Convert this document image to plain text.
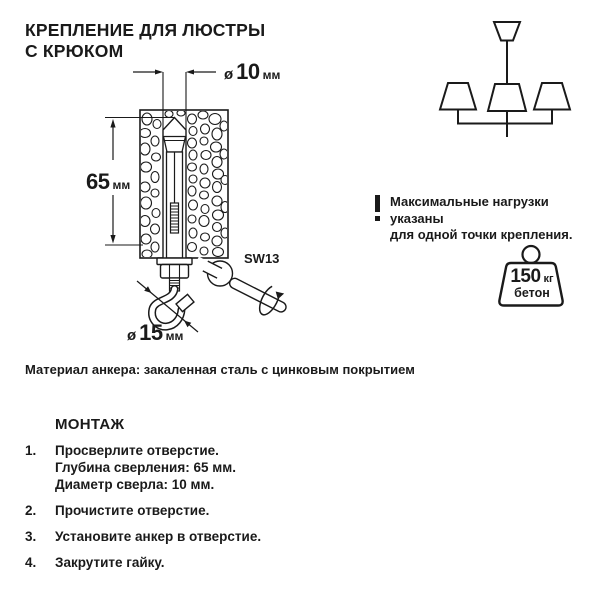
КРЕПЛЕНИЕ ДЛЯ ЛЮСТРЫ
С КРЮКОМ
ø 10 мм
65 мм
ø 15 мм
SW13
Максимальные нагрузки указаны
для одной точки крепления.
150 кг
бетон
Материал анкера: закаленная сталь с цинковым покрытием
МОНТАЖ
1.	Просверлите отверстие.
Глубина сверления: 65 мм.
Диаметр сверла: 10 мм.
2.	Прочистите отверстие.
3.	Установите анкер в отверстие.
4.	Закрутите гайку.
